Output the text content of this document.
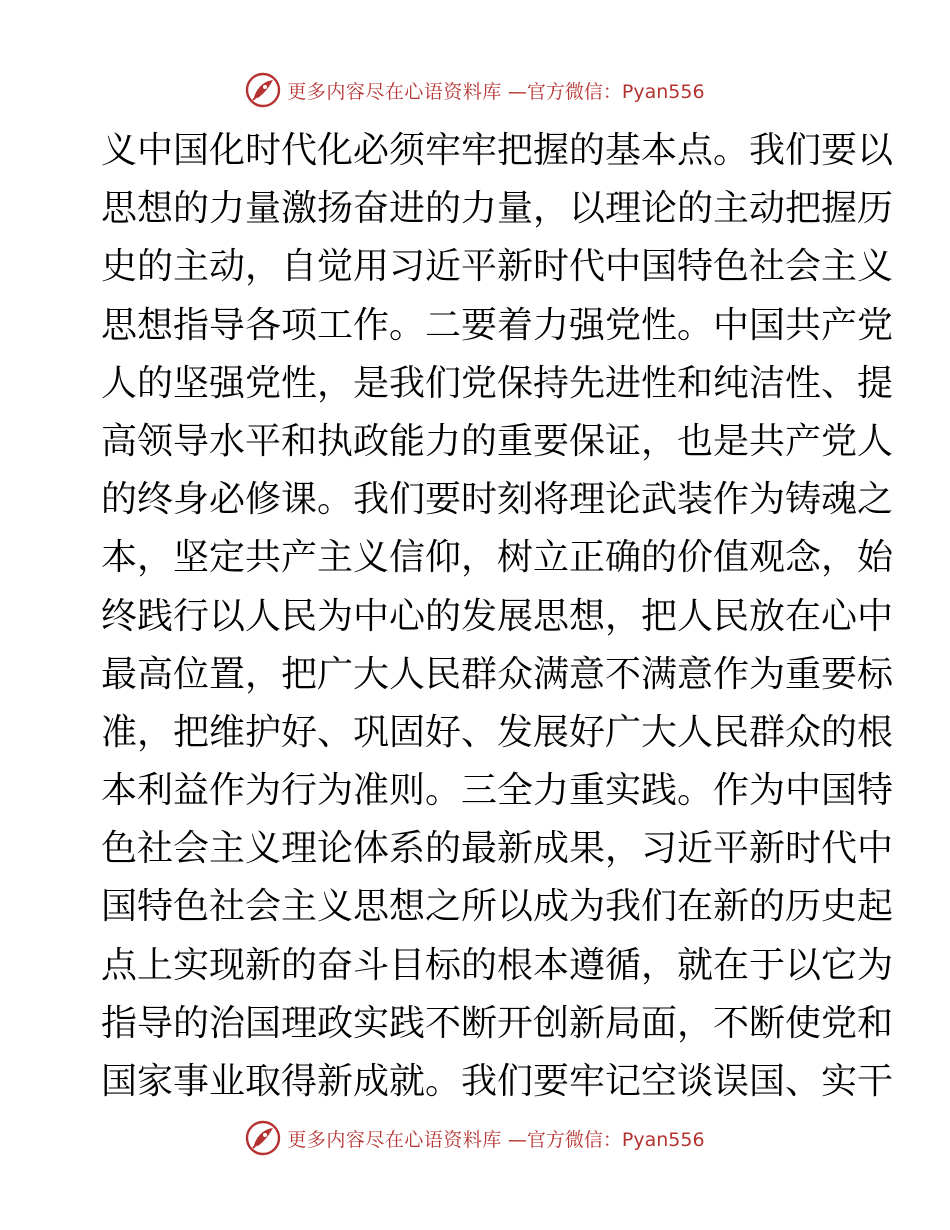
更多内容尽在心语资料库 —官方微信：Pyan556
义中国化时代化必须牢牢把握的基本点。我们要以
思想的力量激扬奋进的力量，以理论的主动把握历
史的主动，自觉用习近平新时代中国特色社会主义
思想指导各项工作。二要着力强党性。中国共产党
人的坚强党性，是我们党保持先进性和纯洁性、提
高领导水平和执政能力的重要保证，也是共产党人
的终身必修课。我们要时刻将理论武装作为铸魂之
本，坚定共产主义信仰，树立正确的价值观念，始
终践行以人民为中心的发展思想，把人民放在心中
最高位置，把广大人民群众满意不满意作为重要标
准，把维护好、巩固好、发展好广大人民群众的根
本利益作为行为准则。三全力重实践。作为中国特
色社会主义理论体系的最新成果，习近平新时代中
国特色社会主义思想之所以成为我们在新的历史起
点上实现新的奋斗目标的根本遵循，就在于以它为
指导的治国理政实践不断开创新局面，不断使党和
国家事业取得新成就。我们要牢记空谈误国、实干
更多内容尽在心语资料库 —官方微信：Pyan556
